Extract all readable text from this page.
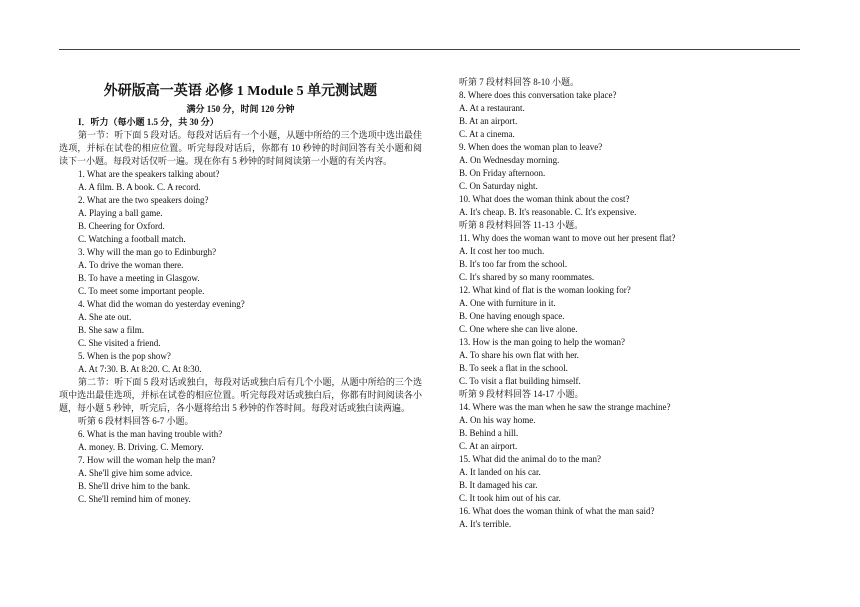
外研版高一英语 必修 1 Module 5 单元测试题
满分 150 分，时间 120 分钟
I．听力（每小题 1.5 分，共 30 分）
第一节：听下面 5 段对话。每段对话后有一个小题，从题中所给的三个选项中选出最佳选项，并标在试卷的相应位置。听完每段对话后，你都有 10 秒钟的时间回答有关小题和阅读下一小题。每段对话仅听一遍。现在你有 5 秒钟的时间阅读第一小题的有关内容。
1. What are the speakers talking about?
A. A film. B. A book. C. A record.
2. What are the two speakers doing?
A. Playing a ball game.
B. Cheering for Oxford.
C. Watching a football match.
3. Why will the man go to Edinburgh?
A. To drive the woman there.
B. To have a meeting in Glasgow.
C. To meet some important people.
4. What did the woman do yesterday evening?
A. She ate out.
B. She saw a film.
C. She visited a friend.
5. When is the pop show?
A. At 7:30. B. At 8:20. C. At 8:30.
第二节：听下面 5 段对话或独白，每段对话或独白后有几个小题，从题中所给的三个选项中选出最佳选项，并标在试卷的相应位置。听完每段对话或独白后，你都有时间阅读各小题，每小题 5 秒钟，听完后，各小题将给出 5 秒钟的作答时间。每段对话或独白读两遍。
听第 6 段材料回答 6-7 小题。
6. What is the man having trouble with?
A. money. B. Driving. C. Memory.
7. How will the woman help the man?
A. She'll give him some advice.
B. She'll drive him to the bank.
C. She'll remind him of money.
听第 7 段材料回答 8-10 小题。
8. Where does this conversation take place?
A. At a restaurant.
B. At an airport.
C. At a cinema.
9. When does the woman plan to leave?
A. On Wednesday morning.
B. On Friday afternoon.
C. On Saturday night.
10. What does the woman think about the cost?
A. It's cheap. B. It's reasonable. C. It's expensive.
听第 8 段材料回答 11-13 小题。
11. Why does the woman want to move out her present flat?
A. It cost her too much.
B. It's too far from the school.
C. It's shared by so many roommates.
12. What kind of flat is the woman looking for?
A. One with furniture in it.
B. One having enough space.
C. One where she can live alone.
13. How is the man going to help the woman?
A. To share his own flat with her.
B. To seek a flat in the school.
C. To visit a flat building himself.
听第 9 段材料回答 14-17 小题。
14. Where was the man when he saw the strange machine?
A. On his way home.
B. Behind a hill.
C. At an airport.
15. What did the animal do to the man?
A. It landed on his car.
B. It damaged his car.
C. It took him out of his car.
16. What does the woman think of what the man said?
A. It's terrible.
